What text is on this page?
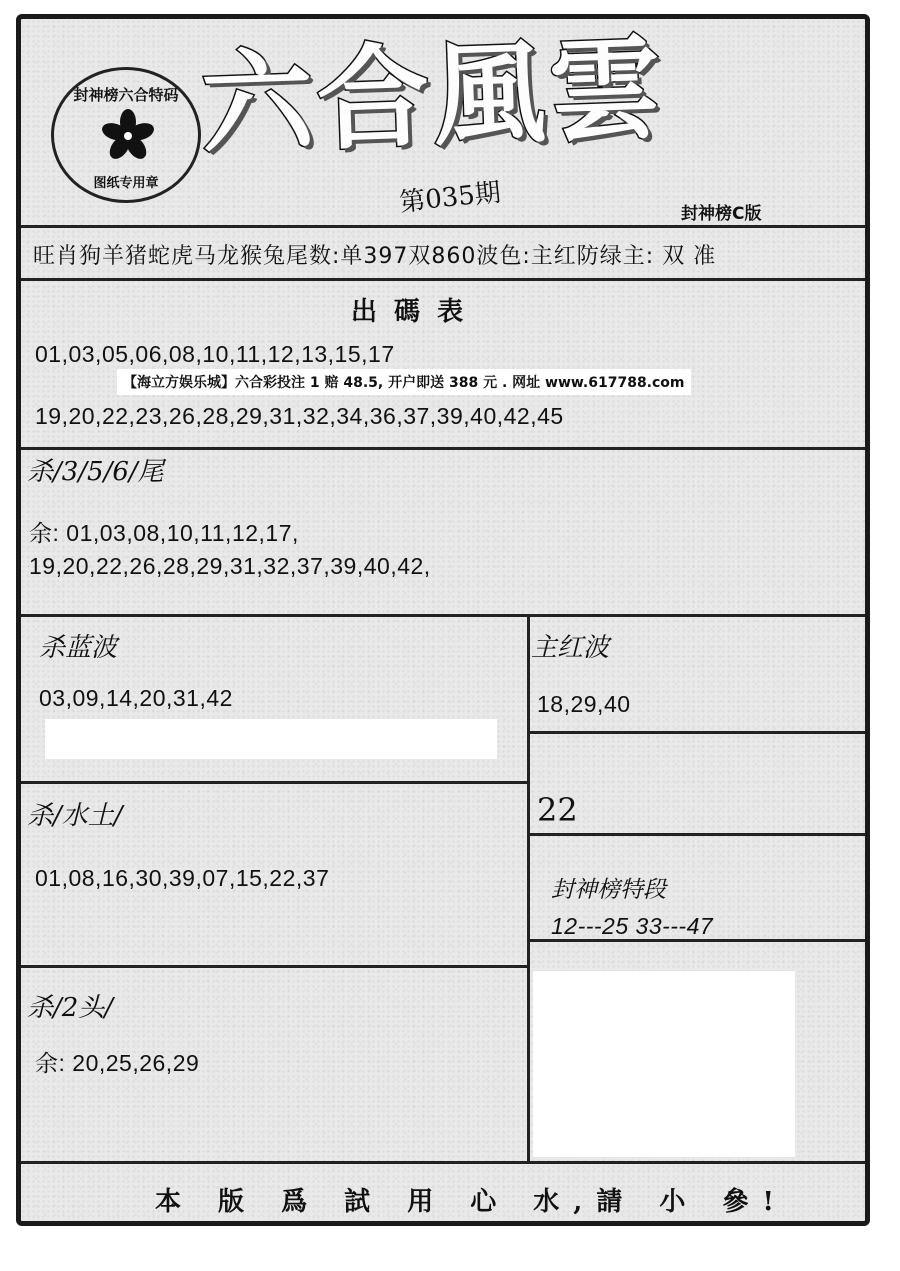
封神榜六合特码
图纸专用章
六合風雲
第035期	封神榜C版
旺肖狗羊猪蛇虎马龙猴兔尾数:单397双860波色:主红防绿主: 双 准
出 碼 表
01,03,05,06,08,10,11,12,13,15,17
【海立方娱乐城】六合彩投注 1 赔 48.5, 开户即送 388 元 . 网址 www.617788.com
19,20,22,23,26,28,29,31,32,34,36,37,39,40,42,45
杀/3/5/6/尾
余: 01,03,08,10,11,12,17,
19,20,22,26,28,29,31,32,37,39,40,42,
杀蓝波
03,09,14,20,31,42
主红波
18,29,40
杀/水土/
01,08,16,30,39,07,15,22,37
22
封神榜特段
12---25 33---47
杀/2头/
余: 20,25,26,29
本 版 爲 試 用 心 水,請 小 參!
